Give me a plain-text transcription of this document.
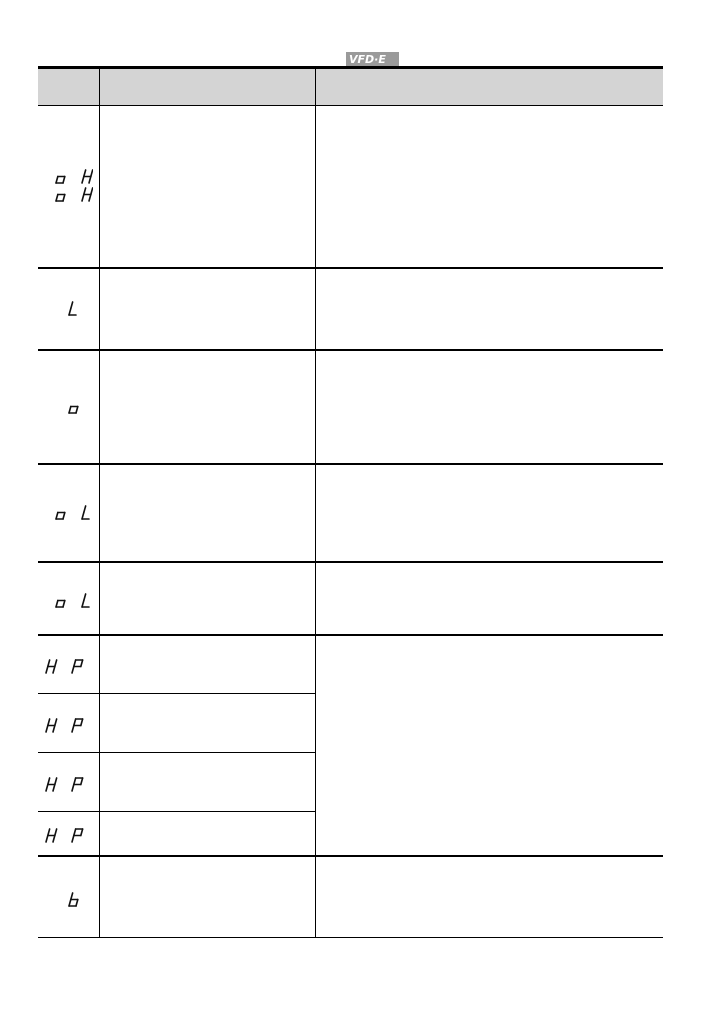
VFD·E
